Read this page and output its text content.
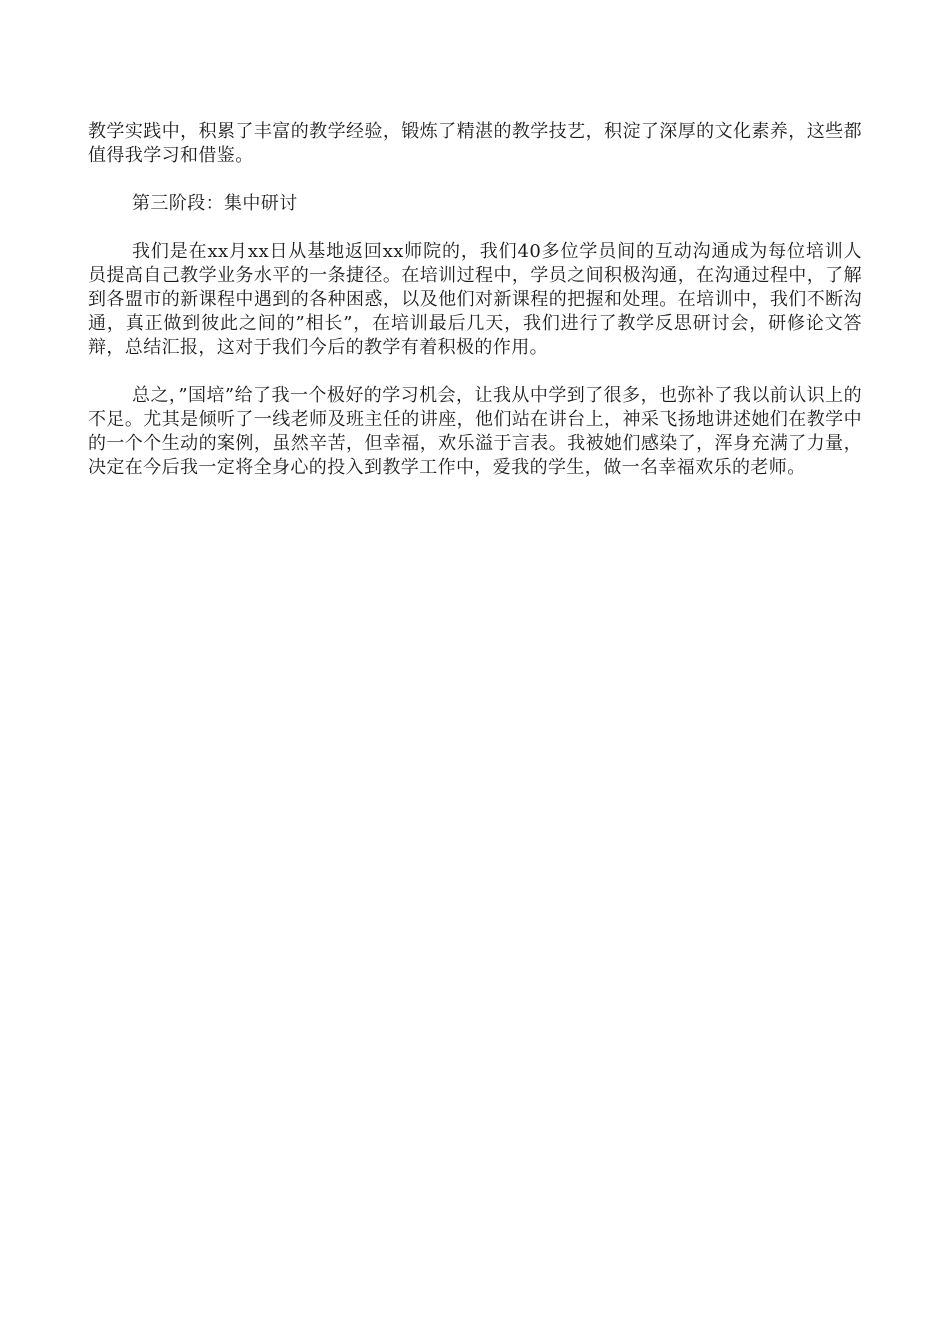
教学实践中，积累了丰富的教学经验，锻炼了精湛的教学技艺，积淀了深厚的文化素养，这些都值得我学习和借鉴。

第三阶段：集中研讨

我们是在xx月xx日从基地返回xx师院的，我们40多位学员间的互动沟通成为每位培训人员提高自己教学业务水平的一条捷径。在培训过程中，学员之间积极沟通，在沟通过程中，了解到各盟市的新课程中遇到的各种困惑，以及他们对新课程的把握和处理。在培训中，我们不断沟通，真正做到彼此之间的”相长”，在培训最后几天，我们进行了教学反思研讨会，研修论文答辩，总结汇报，这对于我们今后的教学有着积极的作用。

总之，”国培”给了我一个极好的学习机会，让我从中学到了很多，也弥补了我以前认识上的不足。尤其是倾听了一线老师及班主任的讲座，他们站在讲台上，神采飞扬地讲述她们在教学中的一个个生动的案例，虽然辛苦，但幸福，欢乐溢于言表。我被她们感染了，浑身充满了力量，决定在今后我一定将全身心的投入到教学工作中，爱我的学生，做一名幸福欢乐的老师。
